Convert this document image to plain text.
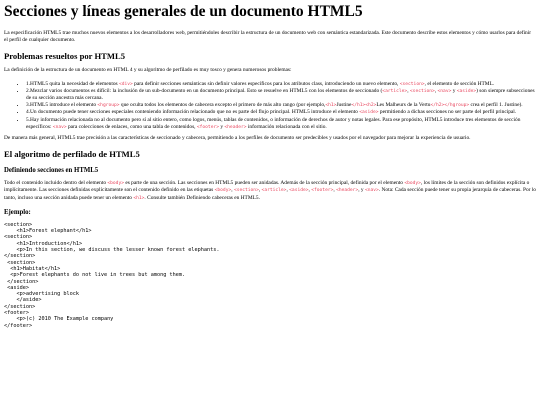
Secciones y líneas generales de un documento HTML5

La especificación HTML5 trae muchos nuevos elementos a los desarrolladores web, permitiéndoles describir la estructura de un documento web con semántica estandarizada. Este documento describe estos elementos y cómo usarlos para definir el perfil de cualquier documento.

Problemas resueltos por HTML5

La definición de la estructura de un documento en HTML 4 y su algoritmo de perfilado es muy tosco y genera numerosos problemas:

• 1.HTML5 quita la necesidad de elementos <div> para definir secciones semánticas sin definir valores específicos para los atributos class, introduciendo un nuevo elemento, <section>, el elemento de sección HTML.
• 2.Mezclar varios documentos es difícil: la inclusión de un sub-documento en un documento principal. Esto se resuelve en HTML5 con los elementos de seccionado (<article>, <section>, <nav> y <aside>) son siempre subsecciones de su sección ancestra más cercana.
• 3.HTML5 introduce el elemento <hgroup> que oculta todos los elementos de cabecera excepto el primero de más alto rango (por ejemplo,<h1>Justine</h1><h2>Les Malheurs de la Vertu</h2></hgroup> crea el perfil 1. Justine).
• 4.Un documento puede tener secciones especiales conteniendo información relacionado que no es parte del flujo principal. HTML5 introduce el elemento <aside> permitiendo a dichas secciones no ser parte del perfil principal.
• 5.Hay información relacionada no al documento pero sí al sitio entero, como logos, menús, tablas de contenidos, o información de derechos de autor y notas legales. Para ese propósito, HTML5 introduce tres elementos de sección específicos: <nav> para colecciones de enlaces, como una tabla de contenidos, <footer> y <header> información relacionada con el sitio.

De manera más general, HTML5 trae precisión a las características de seccionado y cabecera, permitiendo a los perfiles de documento ser predecibles y usados por el navegador para mejorar la experiencia de usuario.

El algoritmo de perfilado de HTML5
Definiendo secciones en HTML5

Todo el contenido incluido dentro del elemento <body> es parte de una sección. Las secciones en HTML5 pueden ser anidadas. Además de la sección principal, definida por el elemento <body>, los límites de la sección son definidos explícita o implícitamente. Las secciones definidas explícitamente son el contenido definido en las etiquetas <body>, <section>, <article>, <aside>, <footer>, <header>, y <nav>. Nota: Cada sección puede tener su propia jerarquía de cabeceras. Por lo tanto, incluso una sección anidada puede tener un elemento <h1>. Consulte también Definiendo cabeceras en HTML5.

Ejemplo:
<section>
<h1>Forest elephant</h1>
<section>
<h1>Introduction</h1>
<p>In this section, we discuss the lesser known forest elephants.
</section>
<section>
<h1>Habitat</h1>
<p>Forest elephants do not live in trees but among them.
</section>
<aside>
<p>advertising block
</aside>
</section>
<footer>
<p>(c) 2010 The Example company
</footer>
